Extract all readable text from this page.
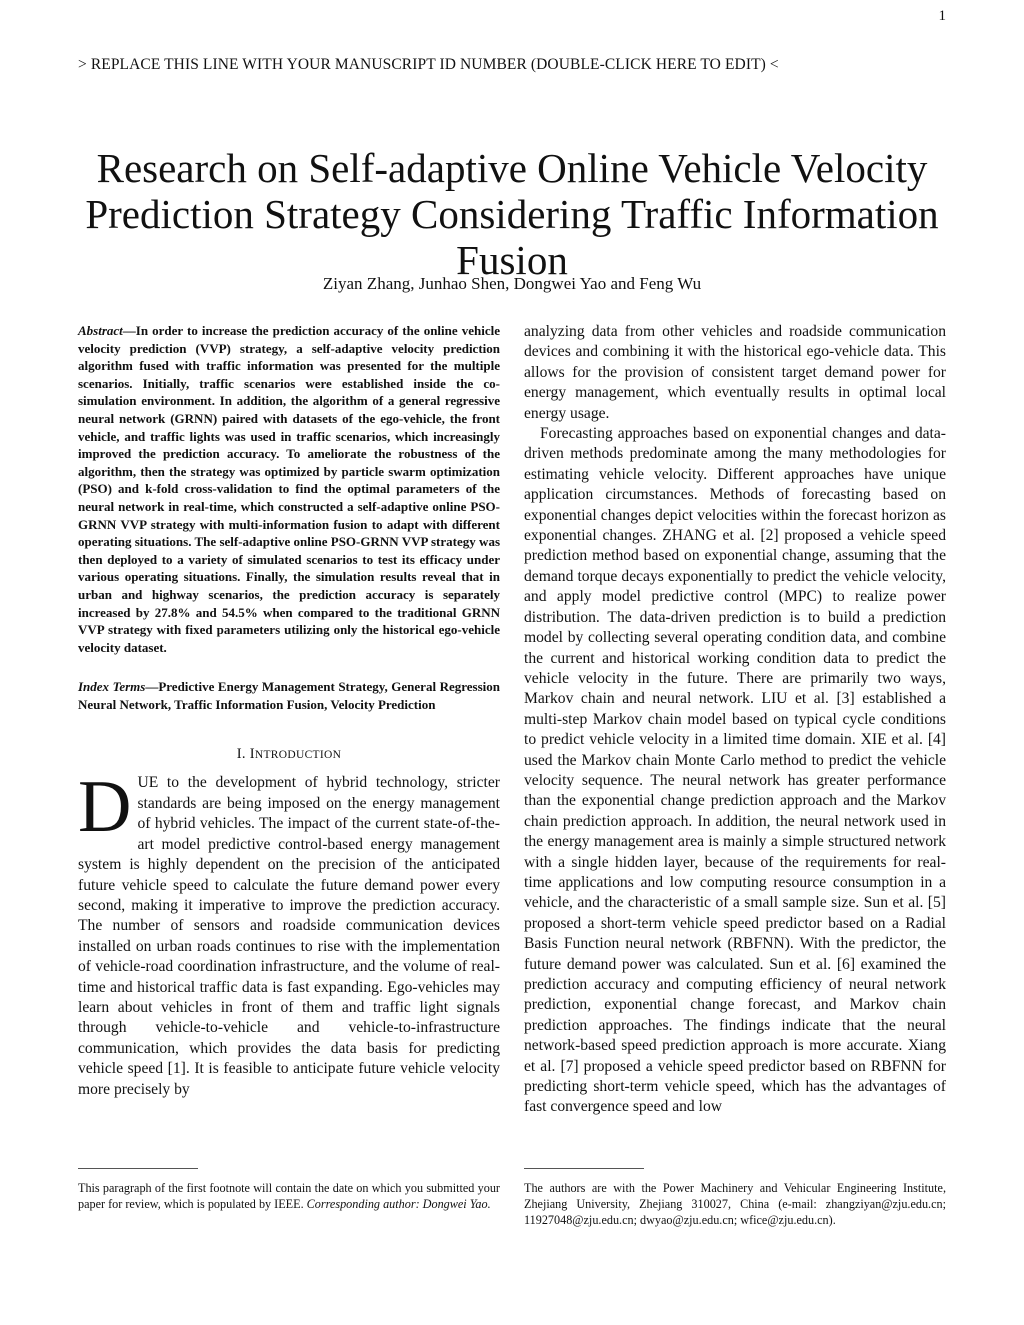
1
> REPLACE THIS LINE WITH YOUR MANUSCRIPT ID NUMBER (DOUBLE-CLICK HERE TO EDIT) <
Research on Self-adaptive Online Vehicle Velocity Prediction Strategy Considering Traffic Information Fusion
Ziyan Zhang, Junhao Shen, Dongwei Yao and Feng Wu

Abstract—In order to increase the prediction accuracy of the online vehicle velocity prediction (VVP) strategy, a self-adaptive velocity prediction algorithm fused with traffic information was presented for the multiple scenarios. Initially, traffic scenarios were established inside the co-simulation environment. In addition, the algorithm of a general regressive neural network (GRNN) paired with datasets of the ego-vehicle, the front vehicle, and traffic lights was used in traffic scenarios, which increasingly improved the prediction accuracy. To ameliorate the robustness of the algorithm, then the strategy was optimized by particle swarm optimization (PSO) and k-fold cross-validation to find the optimal parameters of the neural network in real-time, which constructed a self-adaptive online PSO-GRNN VVP strategy with multi-information fusion to adapt with different operating situations. The self-adaptive online PSO-GRNN VVP strategy was then deployed to a variety of simulated scenarios to test its efficacy under various operating situations. Finally, the simulation results reveal that in urban and highway scenarios, the prediction accuracy is separately increased by 27.8% and 54.5% when compared to the traditional GRNN VVP strategy with fixed parameters utilizing only the historical ego-vehicle velocity dataset.

Index Terms—Predictive Energy Management Strategy, General Regression Neural Network, Traffic Information Fusion, Velocity Prediction

I. INTRODUCTION

DUE to the development of hybrid technology, stricter standards are being imposed on the energy management of hybrid vehicles. The impact of the current state-of-the-art model predictive control-based energy management system is highly dependent on the precision of the anticipated future vehicle speed to calculate the future demand power every second, making it imperative to improve the prediction accuracy. The number of sensors and roadside communication devices installed on urban roads continues to rise with the implementation of vehicle-road coordination infrastructure, and the volume of real-time and historical traffic data is fast expanding. Ego-vehicles may learn about vehicles in front of them and traffic light signals through vehicle-to-vehicle and vehicle-to-infrastructure communication, which provides the data basis for predicting vehicle speed [1]. It is feasible to anticipate future vehicle velocity more precisely by

analyzing data from other vehicles and roadside communication devices and combining it with the historical ego-vehicle data. This allows for the provision of consistent target demand power for energy management, which eventually results in optimal local energy usage.

Forecasting approaches based on exponential changes and data-driven methods predominate among the many methodologies for estimating vehicle velocity. Different approaches have unique application circumstances. Methods of forecasting based on exponential changes depict velocities within the forecast horizon as exponential changes. ZHANG et al. [2] proposed a vehicle speed prediction method based on exponential change, assuming that the demand torque decays exponentially to predict the vehicle velocity, and apply model predictive control (MPC) to realize power distribution. The data-driven prediction is to build a prediction model by collecting several operating condition data, and combine the current and historical working condition data to predict the vehicle velocity in the future. There are primarily two ways, Markov chain and neural network. LIU et al. [3] established a multi-step Markov chain model based on typical cycle conditions to predict vehicle velocity in a limited time domain. XIE et al. [4] used the Markov chain Monte Carlo method to predict the vehicle velocity sequence. The neural network has greater performance than the exponential change prediction approach and the Markov chain prediction approach. In addition, the neural network used in the energy management area is mainly a simple structured network with a single hidden layer, because of the requirements for real-time applications and low computing resource consumption in a vehicle, and the characteristic of a small sample size. Sun et al. [5] proposed a short-term vehicle speed predictor based on a Radial Basis Function neural network (RBFNN). With the predictor, the future demand power was calculated. Sun et al. [6] examined the prediction accuracy and computing efficiency of neural network prediction, exponential change forecast, and Markov chain prediction approaches. The findings indicate that the neural network-based speed prediction approach is more accurate. Xiang et al. [7] proposed a vehicle speed predictor based on RBFNN for predicting short-term vehicle speed, which has the advantages of fast convergence speed and low

This paragraph of the first footnote will contain the date on which you submitted your paper for review, which is populated by IEEE. Corresponding author: Dongwei Yao.

The authors are with the Power Machinery and Vehicular Engineering Institute, Zhejiang University, Zhejiang 310027, China (e-mail: zhangziyan@zju.edu.cn; 11927048@zju.edu.cn; dwyao@zju.edu.cn; wfice@zju.edu.cn).
